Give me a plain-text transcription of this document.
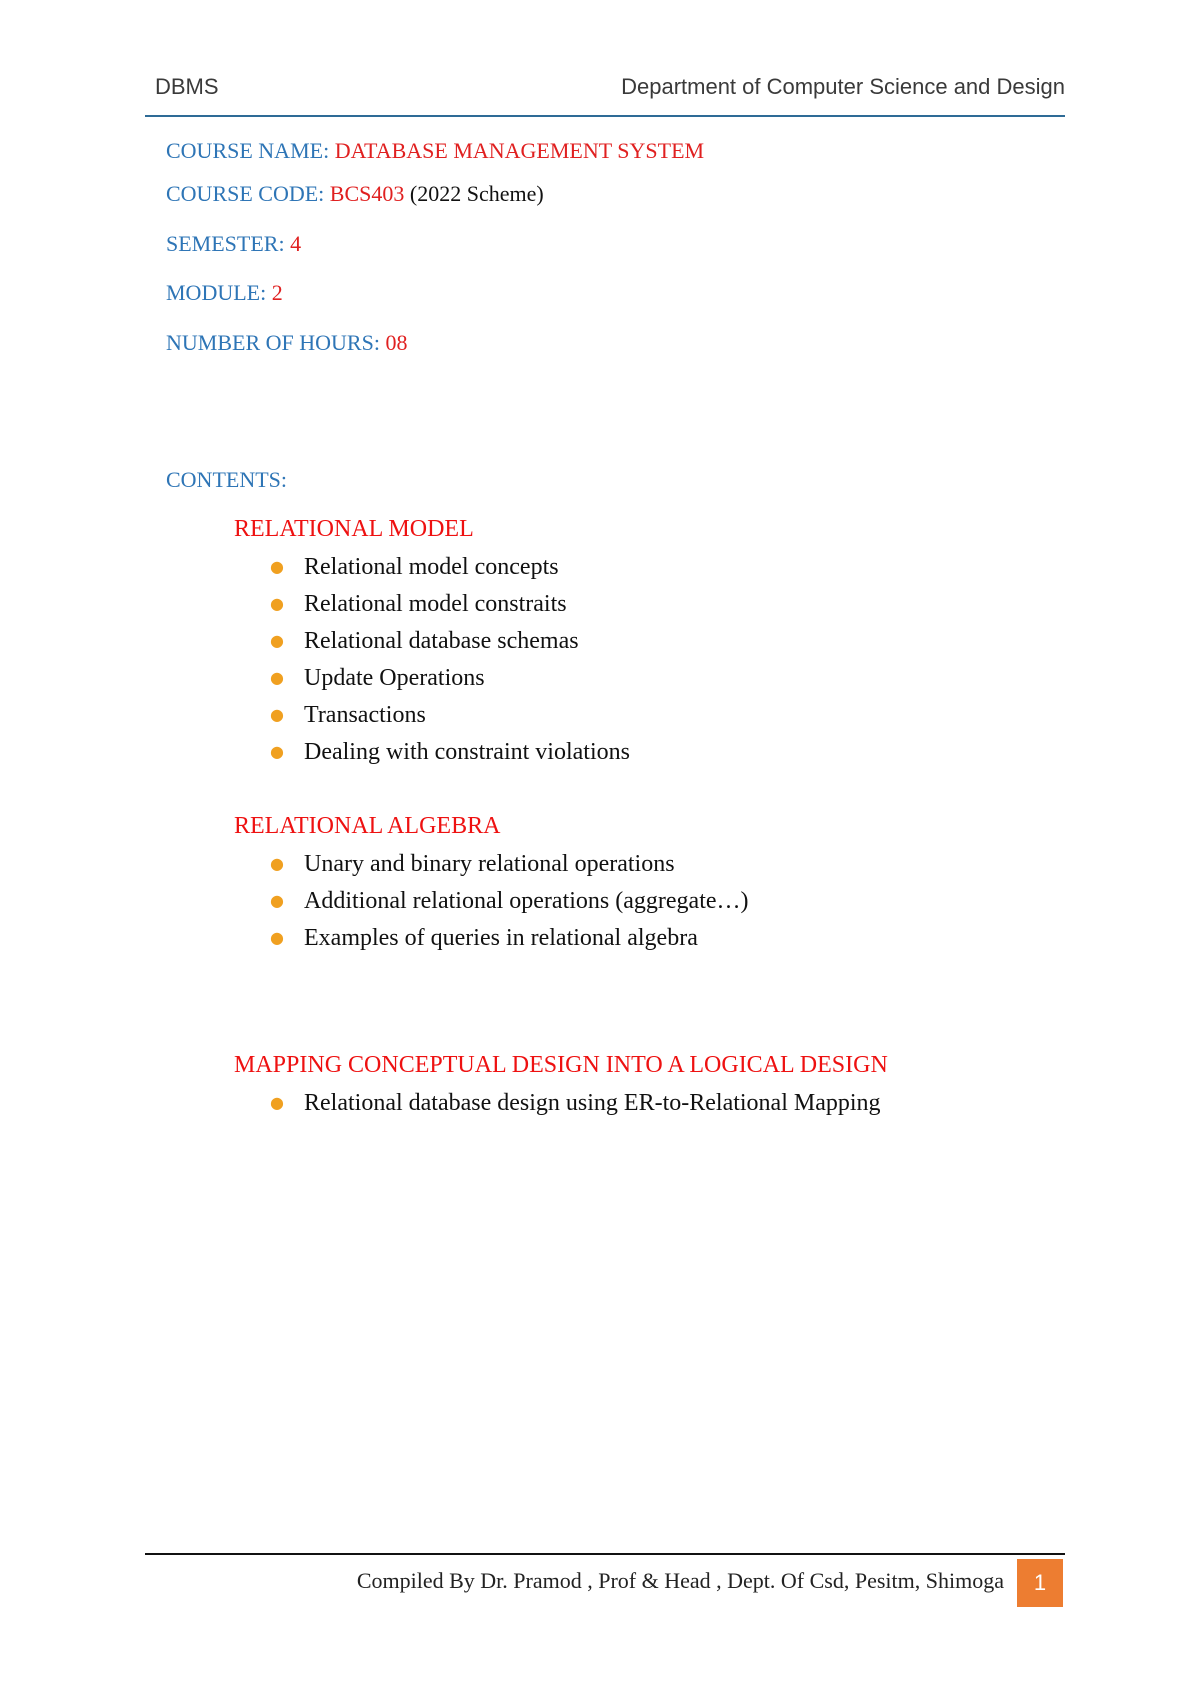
DBMS	Department of Computer Science and Design
COURSE NAME: DATABASE MANAGEMENT SYSTEM
COURSE CODE: BCS403 (2022 Scheme)
SEMESTER: 4
MODULE: 2
NUMBER OF HOURS: 08
CONTENTS:
RELATIONAL MODEL
● Relational model concepts
● Relational model constraits
● Relational database schemas
● Update Operations
● Transactions
● Dealing with constraint violations
RELATIONAL ALGEBRA
● Unary and binary relational operations
● Additional relational operations (aggregate…)
● Examples of queries in relational algebra
MAPPING CONCEPTUAL DESIGN INTO A LOGICAL DESIGN
● Relational database design using ER-to-Relational Mapping
Compiled By Dr. Pramod , Prof & Head , Dept. Of Csd, Pesitm, Shimoga	1
